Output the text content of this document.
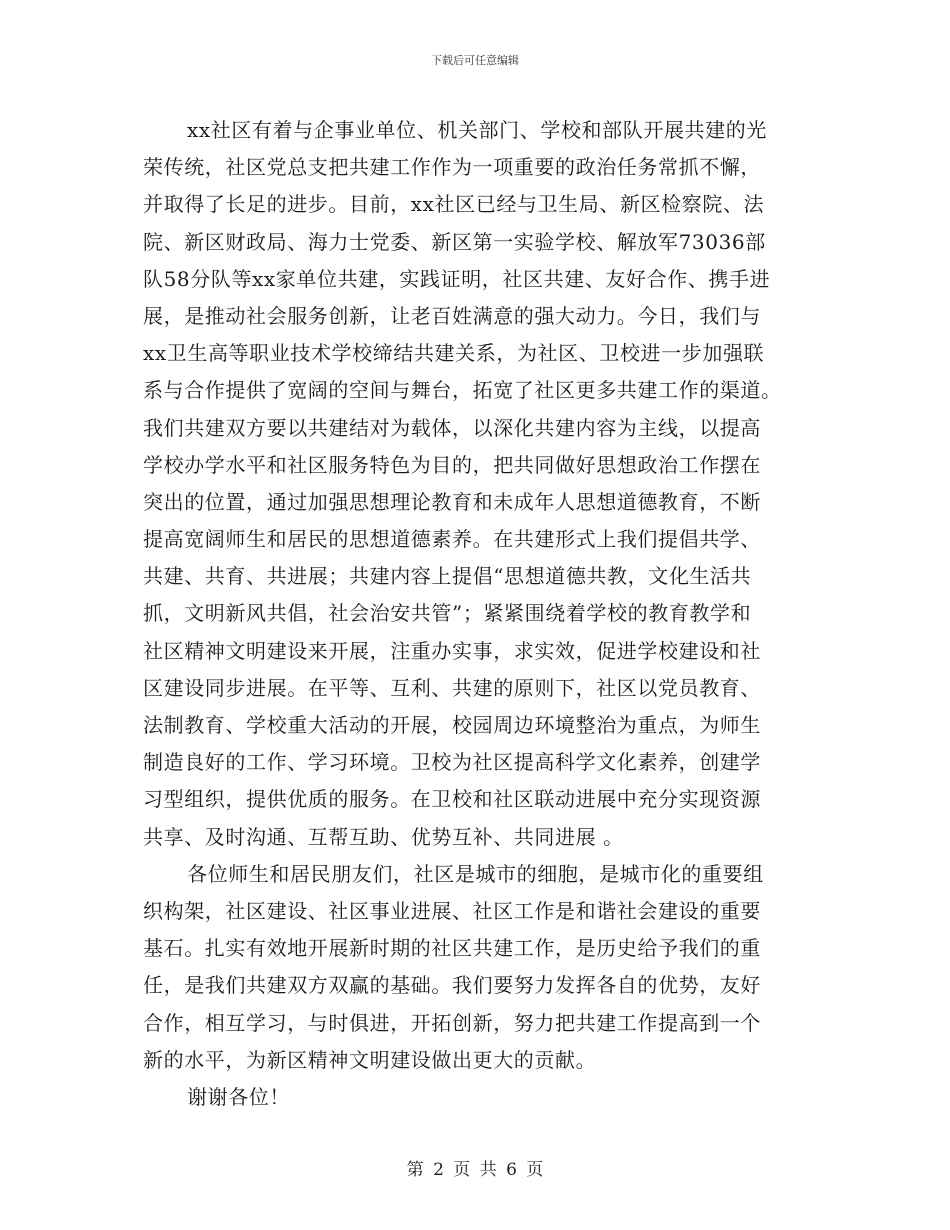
下载后可任意编辑
xx社区有着与企事业单位、机关部门、学校和部队开展共建的光
荣传统，社区党总支把共建工作作为一项重要的政治任务常抓不懈，
并取得了长足的进步。目前，xx社区已经与卫生局、新区检察院、法
院、新区财政局、海力士党委、新区第一实验学校、解放军73036部
队58分队等xx家单位共建，实践证明，社区共建、友好合作、携手进
展，是推动社会服务创新，让老百姓满意的强大动力。今日，我们与
xx卫生高等职业技术学校缔结共建关系，为社区、卫校进一步加强联
系与合作提供了宽阔的空间与舞台，拓宽了社区更多共建工作的渠道。
我们共建双方要以共建结对为载体，以深化共建内容为主线，以提高
学校办学水平和社区服务特色为目的，把共同做好思想政治工作摆在
突出的位置，通过加强思想理论教育和未成年人思想道德教育，不断
提高宽阔师生和居民的思想道德素养。在共建形式上我们提倡共学、
共建、共育、共进展；共建内容上提倡“思想道德共教，文化生活共
抓，文明新风共倡，社会治安共管”；紧紧围绕着学校的教育教学和
社区精神文明建设来开展，注重办实事，求实效，促进学校建设和社
区建设同步进展。在平等、互利、共建的原则下，社区以党员教育、
法制教育、学校重大活动的开展，校园周边环境整治为重点，为师生
制造良好的工作、学习环境。卫校为社区提高科学文化素养，创建学
习型组织，提供优质的服务。在卫校和社区联动进展中充分实现资源
共享、及时沟通、互帮互助、优势互补、共同进展 。
各位师生和居民朋友们，社区是城市的细胞，是城市化的重要组
织构架，社区建设、社区事业进展、社区工作是和谐社会建设的重要
基石。扎实有效地开展新时期的社区共建工作，是历史给予我们的重
任，是我们共建双方双赢的基础。我们要努力发挥各自的优势，友好
合作，相互学习，与时俱进，开拓创新，努力把共建工作提高到一个
新的水平，为新区精神文明建设做出更大的贡献。
谢谢各位！
第 2 页 共 6 页
